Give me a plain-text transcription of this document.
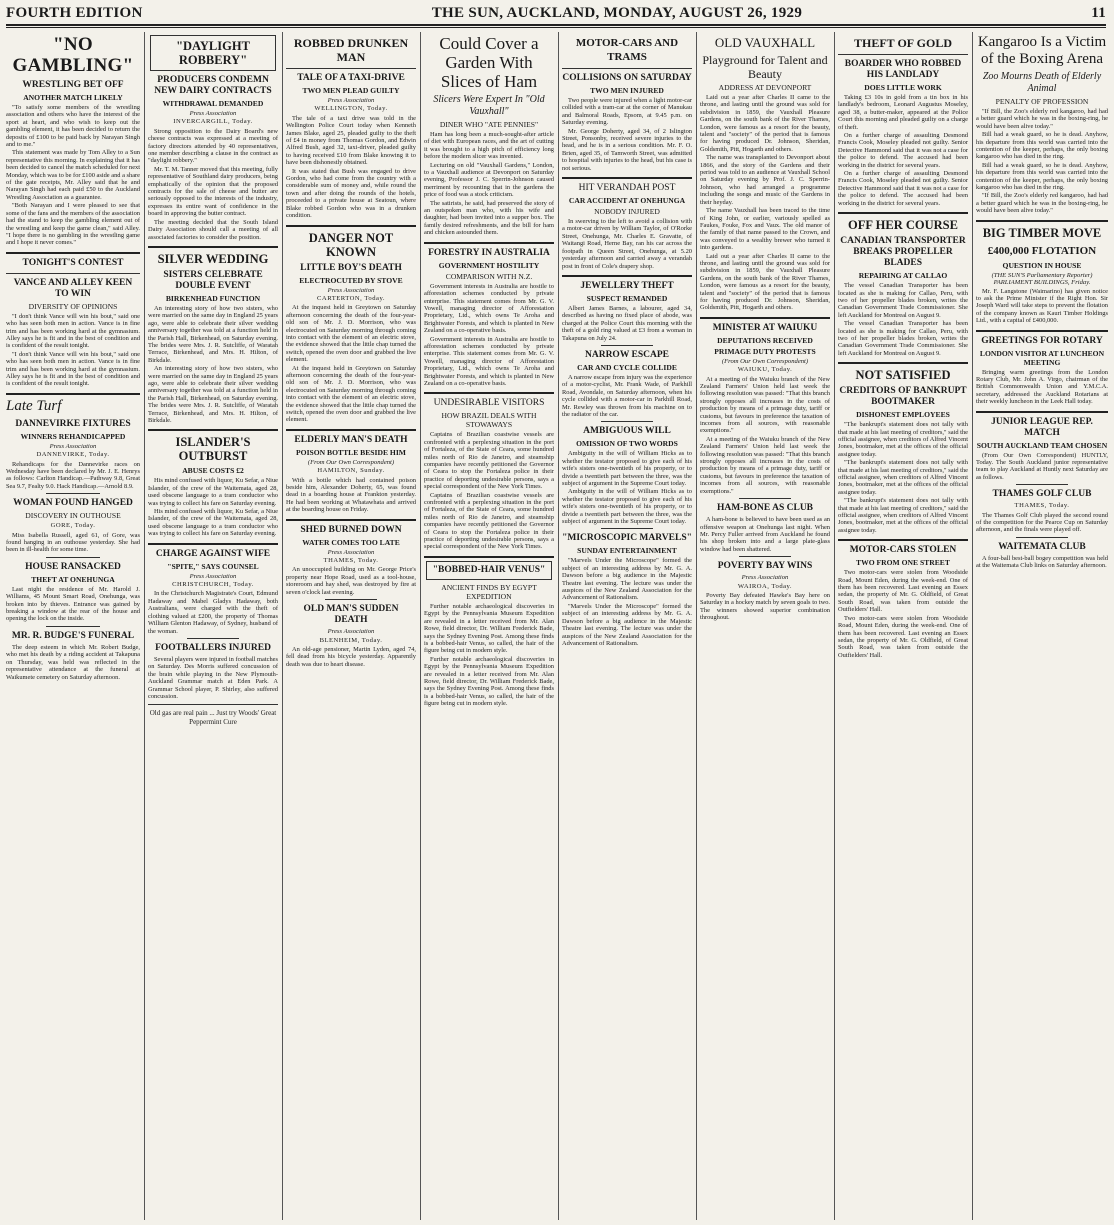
FOURTH EDITION	THE SUN, AUCKLAND, MONDAY, AUGUST 26, 1929	11
"NO GAMBLING"
WRESTLING BET OFF
ANOTHER MATCH LIKELY

"To satisfy some members of the wrestling association and others who have the interest of the sport at heart, and who wish to keep out the gambling element, it has been decided to return the deposits of £100 to be paid back by Narayan Singh and to me."

This statement was made by Tom Alley to a Sun representative this morning. In explaining that it has been decided to cancel the match scheduled for next Monday, which was to be for £100 aside and a share of the gate receipts, Mr. Alley said that he and Narayan Singh had each paid £50 to the Auckland Wrestling Association as a guarantee.

"Both Narayan and I were pleased to see that some of the fans and the members of the association had the stand to keep the gambling element out of the wrestling and keep the game clean," said Alley. "I hope there is no gambling in the wrestling game and I hope it never comes."

TONIGHT'S CONTEST
VANCE AND ALLEY KEEN TO WIN
DIVERSITY OF OPINIONS

"I don't think Vance will win his bout," said one who has seen both men in action. Vance is in fine trim and has been working hard at the gymnasium. Alley says he is fit and in the best of condition and is confident of the result tonight.

"I don't think Vance will win his bout," said one who has seen both men in action. Vance is in fine trim and has been working hard at the gymnasium. Alley says he is fit and in the best of condition and is confident of the result tonight.

Late Turf
DANNEVIRKE FIXTURES
WINNERS REHANDICAPPED
Press Association
DANNEVIRKE, Today.

Rehandicaps for the Dannevirke races on Wednesday have been declared by Mr. J. E. Henrys as follows: Carlton Handicap.—Pathway 9.8, Great Sea 9.7, Fealty 9.0. Hack Handicap.—Arnold 8.9.

WOMAN FOUND HANGED
DISCOVERY IN OUTHOUSE
GORE, Today.

Miss Isabella Russell, aged 61, of Gore, was found hanging in an outhouse yesterday. She had been in ill-health for some time.

HOUSE RANSACKED
THEFT AT ONEHUNGA

Last night the residence of Mr. Harold J. Williams, 45 Mount Smart Road, Onehunga, was broken into by thieves. Entrance was gained by breaking a window at the rear of the house and opening the lock on the inside.

MR. R. BUDGE'S FUNERAL

The deep esteem in which Mr. Robert Budge, who met his death by a riding accident at Takapuna on Thursday, was held was reflected in the representative attendance at the funeral at Waikumete cemetery on Saturday afternoon.

"DAYLIGHT ROBBERY"
PRODUCERS CONDEMN NEW DAIRY CONTRACTS
WITHDRAWAL DEMANDED
Press Association
INVERCARGILL, Today.

Strong opposition to the Dairy Board's new cheese contracts was expressed at a meeting of factory directors attended by 40 representatives, one member describing a clause in the contract as "daylight robbery."

Mr. T. M. Tanner moved that this meeting, fully representative of Southland dairy producers, being emphatically of the opinion that the proposed contracts for the sale of cheese and butter are seriously opposed to the interests of the industry, expresses its entire want of confidence in the board in approving the butter contract.

The meeting decided that the South Island Dairy Association should call a meeting of all associated factories to consider the position.

SILVER WEDDING
SISTERS CELEBRATE DOUBLE EVENT
BIRKENHEAD FUNCTION

An interesting story of how two sisters, who were married on the same day in England 25 years ago, were able to celebrate their silver wedding anniversary together was told at a function held in the Parish Hall, Birkenhead, on Saturday evening. The brides were Mrs. J. R. Sutcliffe, of Waratah Terrace, Birkenhead, and Mrs. H. Hilton, of Birkdale.

An interesting story of how two sisters, who were married on the same day in England 25 years ago, were able to celebrate their silver wedding anniversary together was told at a function held in the Parish Hall, Birkenhead, on Saturday evening. The brides were Mrs. J. R. Sutcliffe, of Waratah Terrace, Birkenhead, and Mrs. H. Hilton, of Birkdale.

ISLANDER'S OUTBURST
ABUSE COSTS £2

His mind confused with liquor, Ku Sefar, a Niue Islander, of the crew of the Waitemata, aged 28, used obscene language to a tram conductor who was trying to collect his fare on Saturday evening.

His mind confused with liquor, Ku Sefar, a Niue Islander, of the crew of the Waitemata, aged 28, used obscene language to a tram conductor who was trying to collect his fare on Saturday evening.

CHARGE AGAINST WIFE
"SPITE," SAYS COUNSEL
Press Association
CHRISTCHURCH, Today.

In the Christchurch Magistrate's Court, Edmund Hadaway and Mabel Gladys Hadaway, both Australians, were charged with the theft of clothing valued at £200, the property of Thomas William Glenton Hadaway, of Sydney, husband of the woman.

FOOTBALLERS INJURED

Several players were injured in football matches on Saturday. Des Morris suffered concussion of the brain while playing in the New Plymouth-Auckland Grammar match at Eden Park. A Grammar School player, P. Shirley, also suffered concussion.

Old gas are real pain ... Just try Woods' Great Peppermint Cure
ROBBED DRUNKEN MAN
TALE OF A TAXI-DRIVE
TWO MEN PLEAD GUILTY
Press Association
WELLINGTON, Today.

The tale of a taxi drive was told in the Wellington Police Court today when Kenneth James Blake, aged 25, pleaded guilty to the theft of £4 in money from Thomas Gordon, and Edwin Alfred Bush, aged 32, taxi-driver, pleaded guilty to having received £10 from Blake knowing it to have been dishonestly obtained.

It was stated that Bush was engaged to drive Gordon, who had come from the country with a considerable sum of money and, while round the town and after doing the rounds of the hotels, proceeded to a private house at Seatoun, where Blake robbed Gordon who was in a drunken condition.

DANGER NOT KNOWN
LITTLE BOY'S DEATH
ELECTROCUTED BY STOVE
Press Association
CARTERTON, Today.

At the inquest held in Greytown on Saturday afternoon concerning the death of the four-year-old son of Mr. J. D. Morrison, who was electrocuted on Saturday morning through coming into contact with the element of an electric stove, the evidence showed that the little chap turned the switch, opened the oven door and grabbed the live element.

At the inquest held in Greytown on Saturday afternoon concerning the death of the four-year-old son of Mr. J. D. Morrison, who was electrocuted on Saturday morning through coming into contact with the element of an electric stove, the evidence showed that the little chap turned the switch, opened the oven door and grabbed the live element.

ELDERLY MAN'S DEATH
POISON BOTTLE BESIDE HIM
(From Our Own Correspondent)
HAMILTON, Sunday.

With a bottle which had contained poison beside him, Alexander Doherty, 65, was found dead in a boarding house at Frankton yesterday. He had been working at Whatawhata and arrived at the boarding house on Friday.

SHED BURNED DOWN
WATER COMES TOO LATE
Press Association
THAMES, Today.

An unoccupied building on Mr. George Price's property near Hope Road, used as a tool-house, storeroom and hay shed, was destroyed by fire at seven o'clock last evening.

OLD MAN'S SUDDEN DEATH
Press Association
BLENHEIM, Today.

An old-age pensioner, Martin Lyden, aged 74, fell dead from his bicycle yesterday. Apparently death was due to heart disease.

Could Cover a Garden With Slices of Ham
Slicers Were Expert In "Old Vauxhall"
DINER WHO "ATE PENNIES"

Ham has long been a much-sought-after article of diet with European races, and the art of cutting it was brought to a high pitch of efficiency long before the modern slicer was invented.

Lecturing on old "Vauxhall Gardens," London, to a Vauxhall audience at Devonport on Saturday evening, Professor J. C. Sperrin-Johnson caused merriment by recounting that in the gardens the price of food was a stock criticism.

The satirists, he said, had preserved the story of an outspoken man who, with his wife and daughter, had been invited into a supper box. The family desired refreshments, and the bill for ham and chicken astounded them.

FORESTRY IN AUSTRALIA
GOVERNMENT HOSTILITY
COMPARISON WITH N.Z.

Government interests in Australia are hostile to afforestation schemes conducted by private enterprise. This statement comes from Mr. G. V. Vowell, managing director of Afforestation Proprietary, Ltd., which owns Te Aroha and Brightwater Forests, and which is planted in New Zealand on a co-operative basis.

Government interests in Australia are hostile to afforestation schemes conducted by private enterprise. This statement comes from Mr. G. V. Vowell, managing director of Afforestation Proprietary, Ltd., which owns Te Aroha and Brightwater Forests, and which is planted in New Zealand on a co-operative basis.

UNDESIRABLE VISITORS
HOW BRAZIL DEALS WITH STOWAWAYS

Captains of Brazilian coastwise vessels are confronted with a perplexing situation in the port of Fortaleza, of the State of Ceara, some hundred miles north of Rio de Janeiro, and steamship companies have recently petitioned the Governor of Ceara to stop the Fortaleza police in their practice of deporting undesirable persons, says a special correspondent of the New York Times.

Captains of Brazilian coastwise vessels are confronted with a perplexing situation in the port of Fortaleza, of the State of Ceara, some hundred miles north of Rio de Janeiro, and steamship companies have recently petitioned the Governor of Ceara to stop the Fortaleza police in their practice of deporting undesirable persons, says a special correspondent of the New York Times.

"BOBBED-HAIR VENUS"
ANCIENT FINDS BY EGYPT EXPEDITION

Further notable archaeological discoveries in Egypt by the Pennsylvania Museum Expedition are revealed in a letter received from Mr. Alan Rowe, field director, Dr. William Frederick Bade, says the Sydney Evening Post. Among these finds is a bobbed-hair Venus, so called, the hair of the figure being cut in modern style.

Further notable archaeological discoveries in Egypt by the Pennsylvania Museum Expedition are revealed in a letter received from Mr. Alan Rowe, field director, Dr. William Frederick Bade, says the Sydney Evening Post. Among these finds is a bobbed-hair Venus, so called, the hair of the figure being cut in modern style.

MOTOR-CARS AND TRAMS
COLLISIONS ON SATURDAY
TWO MEN INJURED

Two people were injured when a light motor-car collided with a tram-car at the corner of Manukau and Balmoral Roads, Epsom, at 9.45 p.m. on Saturday evening.

Mr. George Doherty, aged 34, of 2 Islington Street, Ponsonby, received severe injuries to the head, and he is in a serious condition. Mr. F. O. Brien, aged 35, of Tamworth Street, was admitted to hospital with injuries to the head, but his case is not serious.

HIT VERANDAH POST
CAR ACCIDENT AT ONEHUNGA
NOBODY INJURED

In swerving to the left to avoid a collision with a motor-car driven by William Taylor, of O'Rorke Street, Onehunga, Mr. Charles E. Gravatte, of Waitangi Road, Herne Bay, ran his car across the footpath in Queen Street, Onehunga, at 5.20 yesterday afternoon and carried away a verandah post in front of Cole's drapery shop.

JEWELLERY THEFT
SUSPECT REMANDED

Albert James Barnes, a labourer, aged 34, described as having no fixed place of abode, was charged at the Police Court this morning with the theft of a gold ring valued at £3 from a woman in Takapuna on July 24.

NARROW ESCAPE
CAR AND CYCLE COLLIDE

A narrow escape from injury was the experience of a motor-cyclist, Mr. Frank Wade, of Parkhill Road, Avondale, on Saturday afternoon, when his cycle collided with a motor-car in Parkhill Road, Mr. Rewley was thrown from his machine on to the radiator of the car.

AMBIGUOUS WILL
OMISSION OF TWO WORDS

Ambiguity in the will of William Hicks as to whether the testator proposed to give each of his wife's sisters one-twentieth of his property, or to divide a twentieth part between the three, was the subject of argument in the Supreme Court today.

Ambiguity in the will of William Hicks as to whether the testator proposed to give each of his wife's sisters one-twentieth of his property, or to divide a twentieth part between the three, was the subject of argument in the Supreme Court today.

"MICROSCOPIC MARVELS"
SUNDAY ENTERTAINMENT

"Marvels Under the Microscope" formed the subject of an interesting address by Mr. G. A. Dawson before a big audience in the Majestic Theatre last evening. The lecture was under the auspices of the New Zealand Association for the Advancement of Rationalism.

"Marvels Under the Microscope" formed the subject of an interesting address by Mr. G. A. Dawson before a big audience in the Majestic Theatre last evening. The lecture was under the auspices of the New Zealand Association for the Advancement of Rationalism.

OLD VAUXHALL
Playground for Talent and Beauty
ADDRESS AT DEVONPORT

Laid out a year after Charles II came to the throne, and lasting until the ground was sold for subdivision in 1859, the Vauxhall Pleasure Gardens, on the south bank of the River Thames, London, were famous as a resort for the beauty, talent and "society" of the period that is famous for having produced Dr. Johnson, Sheridan, Goldsmith, Pitt, Hogarth and others.

The name was transplanted to Devonport about 1866, and the story of the Gardens and their period was told to an audience at Vauxhall School on Saturday evening by Prof. J. C. Sperrin-Johnson, who had arranged a programme including the songs and music of the Gardens in their heyday.

The name Vauxhall has been traced to the time of King John, or earlier, variously spelled as Faukes, Fouke, Fox and Vaux. The old manor of the family of that name passed to the Crown, and was conveyed to a wealthy brewer who turned it into gardens.

Laid out a year after Charles II came to the throne, and lasting until the ground was sold for subdivision in 1859, the Vauxhall Pleasure Gardens, on the south bank of the River Thames, London, were famous as a resort for the beauty, talent and "society" of the period that is famous for having produced Dr. Johnson, Sheridan, Goldsmith, Pitt, Hogarth and others.

MINISTER AT WAIUKU
DEPUTATIONS RECEIVED
PRIMAGE DUTY PROTESTS
(From Our Own Correspondent)
WAIUKU, Today.

At a meeting of the Waiuku branch of the New Zealand Farmers' Union held last week the following resolution was passed: "That this branch strongly opposes all increases in the costs of production by means of a primage duty, tariff or customs, but favours in preference the taxation of incomes from all sources, with reasonable exemptions."

At a meeting of the Waiuku branch of the New Zealand Farmers' Union held last week the following resolution was passed: "That this branch strongly opposes all increases in the costs of production by means of a primage duty, tariff or customs, but favours in preference the taxation of incomes from all sources, with reasonable exemptions."

HAM-BONE AS CLUB

A ham-bone is believed to have been used as an offensive weapon at Onehunga last night. When Mr. Percy Fuller arrived from Auckland he found his shop broken into and a large plate-glass window had been shattered.

POVERTY BAY WINS
Press Association
WAIROA, Today.

Poverty Bay defeated Hawke's Bay here on Saturday in a hockey match by seven goals to two. The winners showed superior combination throughout.

THEFT OF GOLD
BOARDER WHO ROBBED HIS LANDLADY
DOES LITTLE WORK

Taking £3 10s in gold from a tin box in his landlady's bedroom, Leonard Augustus Moseley, aged 38, a butter-maker, appeared at the Police Court this morning and pleaded guilty on a charge of theft.

On a further charge of assaulting Desmond Francis Cook, Moseley pleaded not guilty. Senior Detective Hammond said that it was not a case for the police to defend. The accused had been working in the district for several years.

On a further charge of assaulting Desmond Francis Cook, Moseley pleaded not guilty. Senior Detective Hammond said that it was not a case for the police to defend. The accused had been working in the district for several years.

OFF HER COURSE
CANADIAN TRANSPORTER BREAKS PROPELLER BLADES
REPAIRING AT CALLAO

The vessel Canadian Transporter has been located as she is making for Callao, Peru, with two of her propeller blades broken, writes the Canadian Government Trade Commissioner. She left Auckland for Montreal on August 9.

The vessel Canadian Transporter has been located as she is making for Callao, Peru, with two of her propeller blades broken, writes the Canadian Government Trade Commissioner. She left Auckland for Montreal on August 9.

NOT SATISFIED
CREDITORS OF BANKRUPT BOOTMAKER
DISHONEST EMPLOYEES

"The bankrupt's statement does not tally with that made at his last meeting of creditors," said the official assignee, when creditors of Alfred Vincent Jones, bootmaker, met at the offices of the official assignee today.

"The bankrupt's statement does not tally with that made at his last meeting of creditors," said the official assignee, when creditors of Alfred Vincent Jones, bootmaker, met at the offices of the official assignee today.

"The bankrupt's statement does not tally with that made at his last meeting of creditors," said the official assignee, when creditors of Alfred Vincent Jones, bootmaker, met at the offices of the official assignee today.

MOTOR-CARS STOLEN
TWO FROM ONE STREET

Two motor-cars were stolen from Woodside Road, Mount Eden, during the week-end. One of them has been recovered. Last evening an Essex sedan, the property of Mr. G. Oldfield, of Great South Road, was taken from outside the Outfielders' Hall.

Two motor-cars were stolen from Woodside Road, Mount Eden, during the week-end. One of them has been recovered. Last evening an Essex sedan, the property of Mr. G. Oldfield, of Great South Road, was taken from outside the Outfielders' Hall.

Kangaroo Is a Victim of the Boxing Arena
Zoo Mourns Death of Elderly Animal
PENALTY OF PROFESSION

"If Bill, the Zoo's elderly red kangaroo, had had a better guard which he was in the boxing-ring, he would have been alive today."

Bill had a weak guard, so he is dead. Anyhow, his departure from this world was carried into the contention of the keeper, perhaps, the only boxing kangaroo who has died in the ring.

Bill had a weak guard, so he is dead. Anyhow, his departure from this world was carried into the contention of the keeper, perhaps, the only boxing kangaroo who has died in the ring.

"If Bill, the Zoo's elderly red kangaroo, had had a better guard which he was in the boxing-ring, he would have been alive today."

BIG TIMBER MOVE
£400,000 FLOTATION
QUESTION IN HOUSE
(THE SUN'S Parliamentary Reporter) PARLIAMENT BUILDINGS, Friday.

Mr. F. Langstone (Waimarino) has given notice to ask the Prime Minister if the Right Hon. Sir Joseph Ward will take steps to prevent the flotation of the company known as Kauri Timber Holdings Ltd., with a capital of £400,000.

GREETINGS FOR ROTARY
LONDON VISITOR AT LUNCHEON MEETING

Bringing warm greetings from the London Rotary Club, Mr. John A. Virgo, chairman of the British Commonwealth Union and Y.M.C.A. secretary, addressed the Auckland Rotarians at their weekly luncheon in the Leek Hall today.

JUNIOR LEAGUE REP. MATCH
SOUTH AUCKLAND TEAM CHOSEN

(From Our Own Correspondent) HUNTLY, Today. The South Auckland junior representative team to play Auckland at Huntly next Saturday are as follows.

THAMES GOLF CLUB
THAMES, Today.

The Thames Golf Club played the second round of the competition for the Pearce Cup on Saturday afternoon, and the finals were played off.

WAITEMATA CLUB

A four-ball best-ball bogey competition was held at the Waitemata Club links on Saturday afternoon.
